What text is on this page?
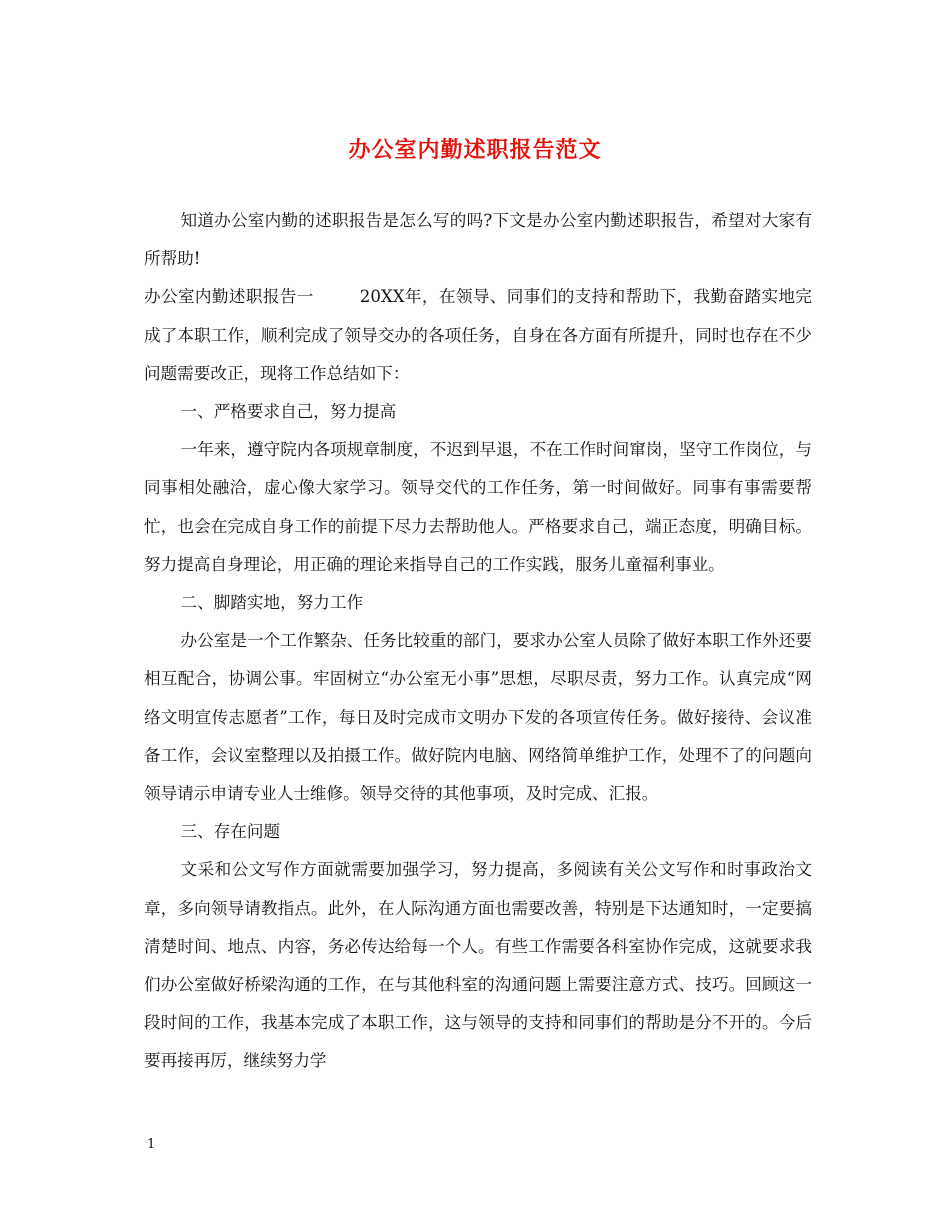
办公室内勤述职报告范文

知道办公室内勤的述职报告是怎么写的吗?下文是办公室内勤述职报告，希望对大家有所帮助!

办公室内勤述职报告一	20XX年，在领导、同事们的支持和帮助下，我勤奋踏实地完成了本职工作，顺利完成了领导交办的各项任务，自身在各方面有所提升，同时也存在不少问题需要改正，现将工作总结如下：

一、严格要求自己，努力提高

一年来，遵守院内各项规章制度，不迟到早退，不在工作时间窜岗，坚守工作岗位，与同事相处融洽，虚心像大家学习。领导交代的工作任务，第一时间做好。同事有事需要帮忙，也会在完成自身工作的前提下尽力去帮助他人。严格要求自己，端正态度，明确目标。努力提高自身理论，用正确的理论来指导自己的工作实践，服务儿童福利事业。

二、脚踏实地，努力工作

办公室是一个工作繁杂、任务比较重的部门，要求办公室人员除了做好本职工作外还要相互配合，协调公事。牢固树立“办公室无小事”思想，尽职尽责，努力工作。认真完成“网络文明宣传志愿者”工作，每日及时完成市文明办下发的各项宣传任务。做好接待、会议准备工作，会议室整理以及拍摄工作。做好院内电脑、网络简单维护工作，处理不了的问题向领导请示申请专业人士维修。领导交待的其他事项，及时完成、汇报。

三、存在问题

文采和公文写作方面就需要加强学习，努力提高，多阅读有关公文写作和时事政治文章，多向领导请教指点。此外，在人际沟通方面也需要改善，特别是下达通知时，一定要搞清楚时间、地点、内容，务必传达给每一个人。有些工作需要各科室协作完成，这就要求我们办公室做好桥梁沟通的工作，在与其他科室的沟通问题上需要注意方式、技巧。回顾这一段时间的工作，我基本完成了本职工作，这与领导的支持和同事们的帮助是分不开的。今后要再接再厉，继续努力学

1
